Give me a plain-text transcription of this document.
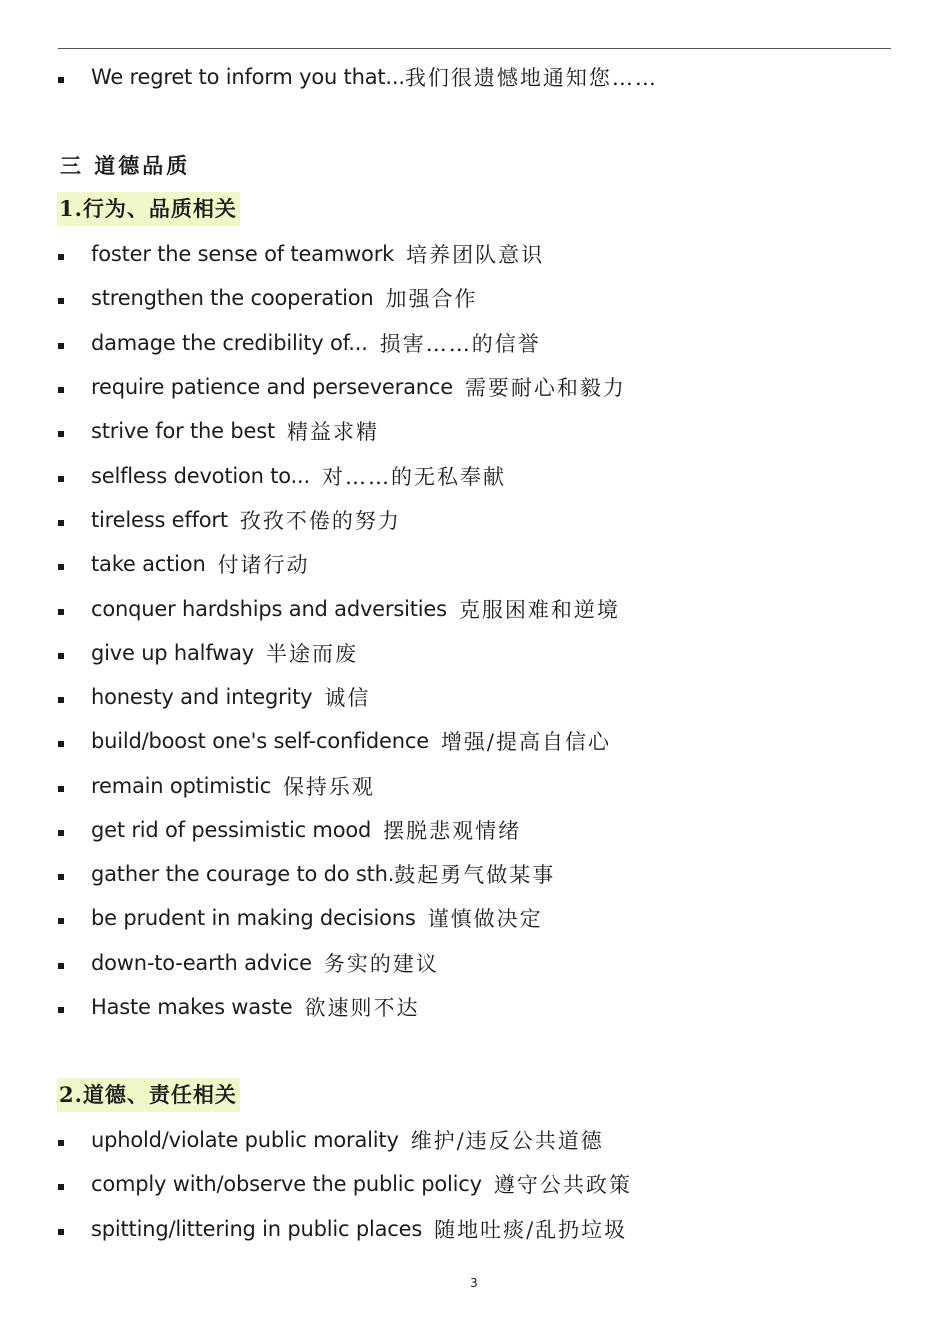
We regret to inform you that... 我们很遗憾地通知您……
三 道德品质
1.行为、品质相关
foster the sense of teamwork 培养团队意识
strengthen the cooperation 加强合作
damage the credibility of... 损害……的信誉
require patience and perseverance 需要耐心和毅力
strive for the best 精益求精
selfless devotion to... 对……的无私奉献
tireless effort 孜孜不倦的努力
take action 付诸行动
conquer hardships and adversities 克服困难和逆境
give up halfway 半途而废
honesty and integrity 诚信
build/boost one's self-confidence 增强/提高自信心
remain optimistic 保持乐观
get rid of pessimistic mood 摆脱悲观情绪
gather the courage to do sth. 鼓起勇气做某事
be prudent in making decisions 谨慎做决定
down-to-earth advice 务实的建议
Haste makes waste 欲速则不达
2.道德、责任相关
uphold/violate public morality 维护/违反公共道德
comply with/observe the public policy 遵守公共政策
spitting/littering in public places 随地吐痰/乱扔垃圾
3
